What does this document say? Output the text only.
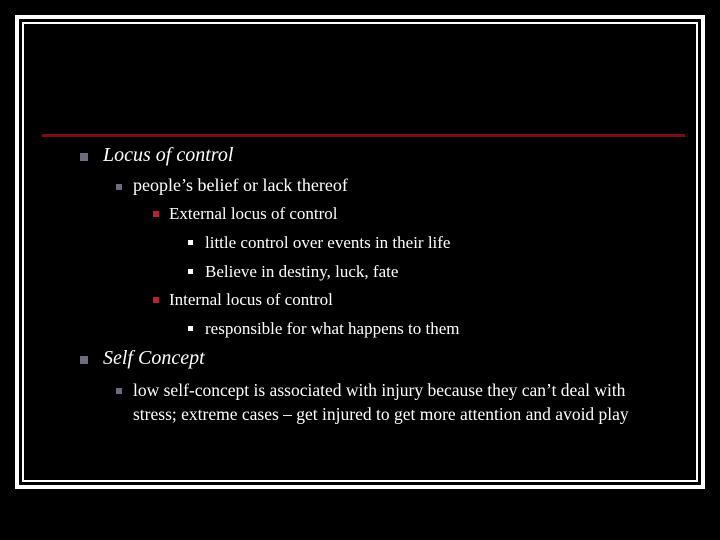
Locus of control
people’s belief or lack thereof
External locus of control
little control over events in their life
Believe in destiny, luck, fate
Internal locus of control
responsible for what happens to them
Self Concept
low self-concept is associated with injury because they can’t deal with stress; extreme cases – get injured to get more attention and avoid play
